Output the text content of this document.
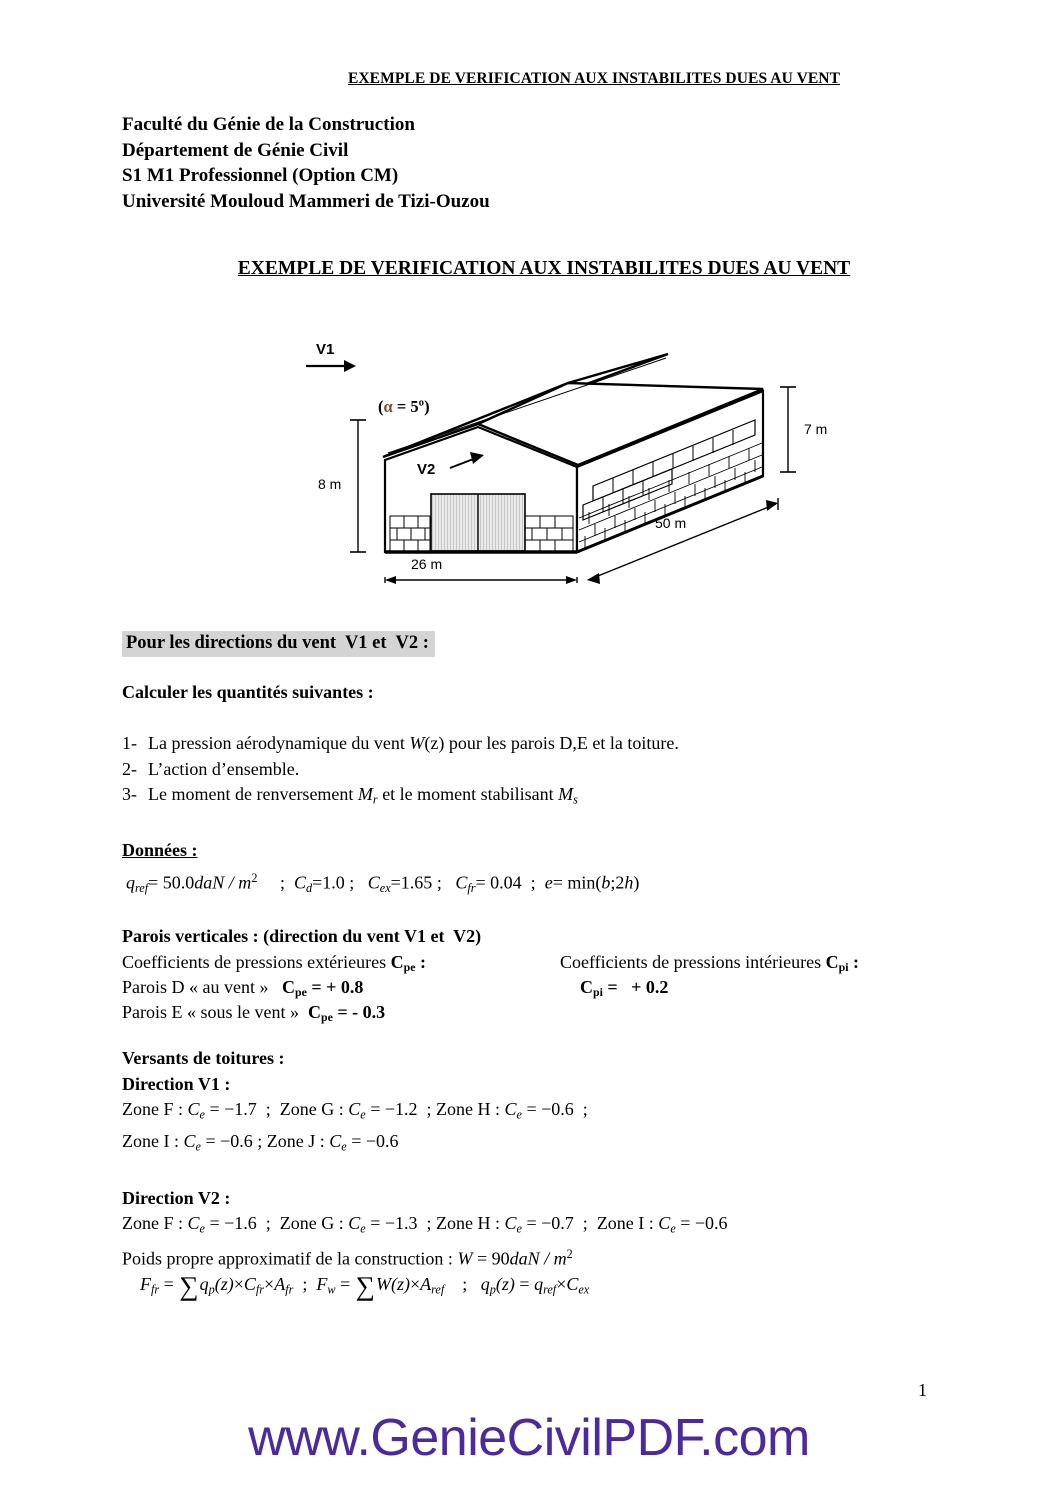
EXEMPLE DE VERIFICATION AUX INSTABILITES DUES AU VENT
Faculté du Génie de la Construction
Département de Génie Civil
S1 M1 Professionnel (Option CM)
Université Mouloud Mammeri de Tizi-Ouzou
EXEMPLE DE VERIFICATION AUX INSTABILITES DUES AU VENT
V1
(α = 5º)
V2
8 m
7 m
26 m
50 m
Pour les directions du vent  V1 et  V2 :
Calculer les quantités suivantes :
1- La pression aérodynamique du vent W(z) pour les parois D,E et la toiture.
2- L’action d’ensemble.
3- Le moment de renversement $M_r$ et le moment stabilisant $M_s$
Données :
$q_{ref}= 50.0daN / m^2$     ;  $C_d=1.0$ ;   $C_{ex}=1.65$ ;   $C_{fr}= 0.04$  ;  e= min(b;2h)
Parois verticales : (direction du vent V1 et  V2)
Coefficients de pressions extérieures Cpe :	Coefficients de pressions intérieures Cpi :
Parois D « au vent »   Cpe = + 0.8	Cpi =   + 0.2
Parois E « sous le vent »  Cpe = - 0.3
Versants de toitures :
Direction V1 :
Zone F : $C_e = -1.7$  ;  Zone G : $C_e = -1.2$  ; Zone H : $C_e = -0.6$  ;
Zone I : $C_e = -0.6$ ; Zone J : $C_e = -0.6$
Direction V2 :
Zone F : $C_e = -1.6$  ;  Zone G : $C_e = -1.3$  ; Zone H : $C_e = -0.7$  ;  Zone I : $C_e = -0.6$
Poids propre approximatif de la construction : $W = 90daN / m^2$
$F_{fr} = \sum q_p(z)\times C_{fr}\times A_{fr}$  ;  $F_w = \sum W(z)\times A_{ref}$    ;   $q_p(z) = q_{ref}\times C_{ex}$
1
www.GenieCivilPDF.com
